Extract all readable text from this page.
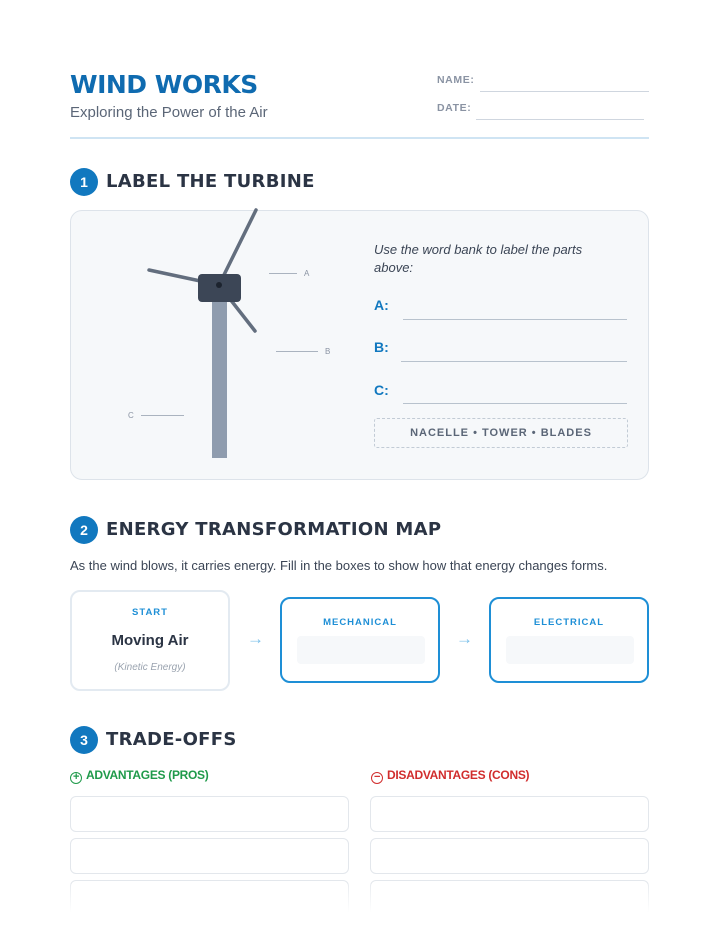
WIND WORKS
Exploring the Power of the Air
NAME:
DATE:
1	LABEL THE TURBINE
A
B
C
Use the word bank to label the parts above:
A:
B:
C:
NACELLE • TOWER • BLADES
2	ENERGY TRANSFORMATION MAP
As the wind blows, it carries energy. Fill in the boxes to show how that energy changes forms.
START
Moving Air
(Kinetic Energy)
→
MECHANICAL
→
ELECTRICAL
3	TRADE-OFFS
+ ADVANTAGES (PROS)	− DISADVANTAGES (CONS)
